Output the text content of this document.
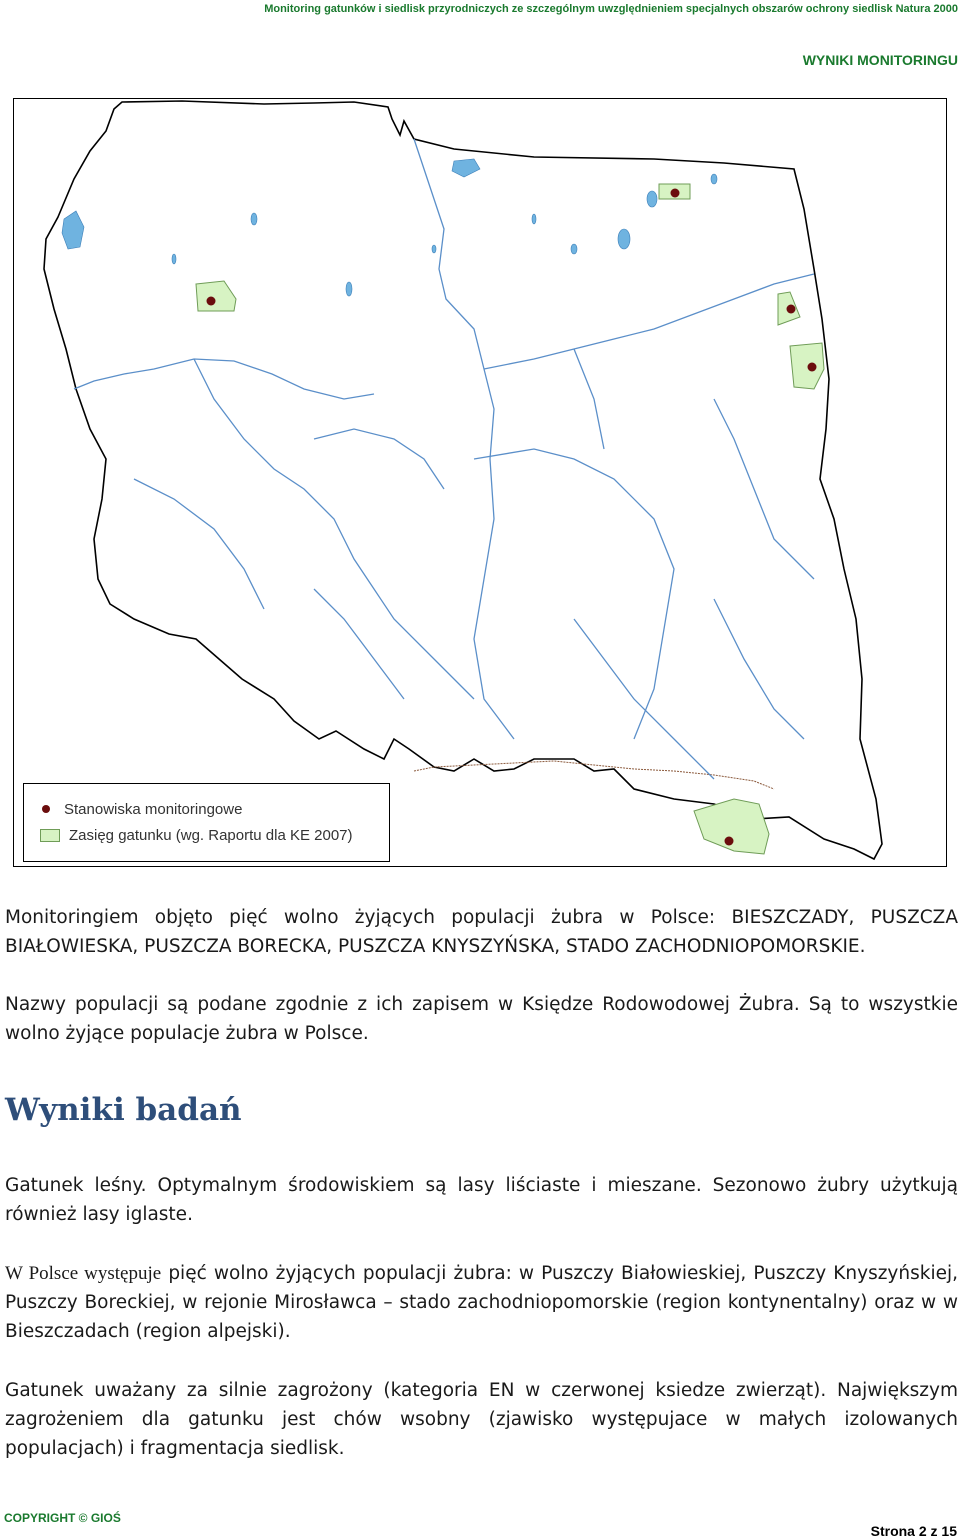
Monitoring gatunków i siedlisk przyrodniczych ze szczególnym uwzględnieniem specjalnych obszarów ochrony siedlisk Natura 2000
WYNIKI MONITORINGU
Stanowiska monitoringowe
Zasięg gatunku (wg. Raportu dla KE 2007)

Monitoringiem objęto pięć wolno żyjących populacji żubra w Polsce: BIESZCZADY, PUSZCZA BIAŁOWIESKA, PUSZCZA BORECKA, PUSZCZA KNYSZYŃSKA, STADO ZACHODNIOPOMORSKIE.

Nazwy populacji są podane zgodnie z ich zapisem w Księdze Rodowodowej Żubra. Są to wszystkie wolno żyjące populacje żubra w Polsce.

Wyniki badań

Gatunek leśny. Optymalnym środowiskiem są lasy liściaste i mieszane. Sezonowo żubry użytkują również lasy iglaste.

W Polsce występuje pięć wolno żyjących populacji żubra: w Puszczy Białowieskiej, Puszczy Knyszyńskiej, Puszczy Boreckiej, w rejonie Mirosławca – stado zachodniopomorskie (region kontynentalny) oraz w w Bieszczadach (region alpejski).

Gatunek uważany za silnie zagrożony (kategoria EN w czerwonej ksiedze zwierząt). Największym zagrożeniem dla gatunku jest chów wsobny (zjawisko występujace w małych izolowanych populacjach) i fragmentacja siedlisk.

COPYRIGHT © GIOŚ
Strona 2 z 15
